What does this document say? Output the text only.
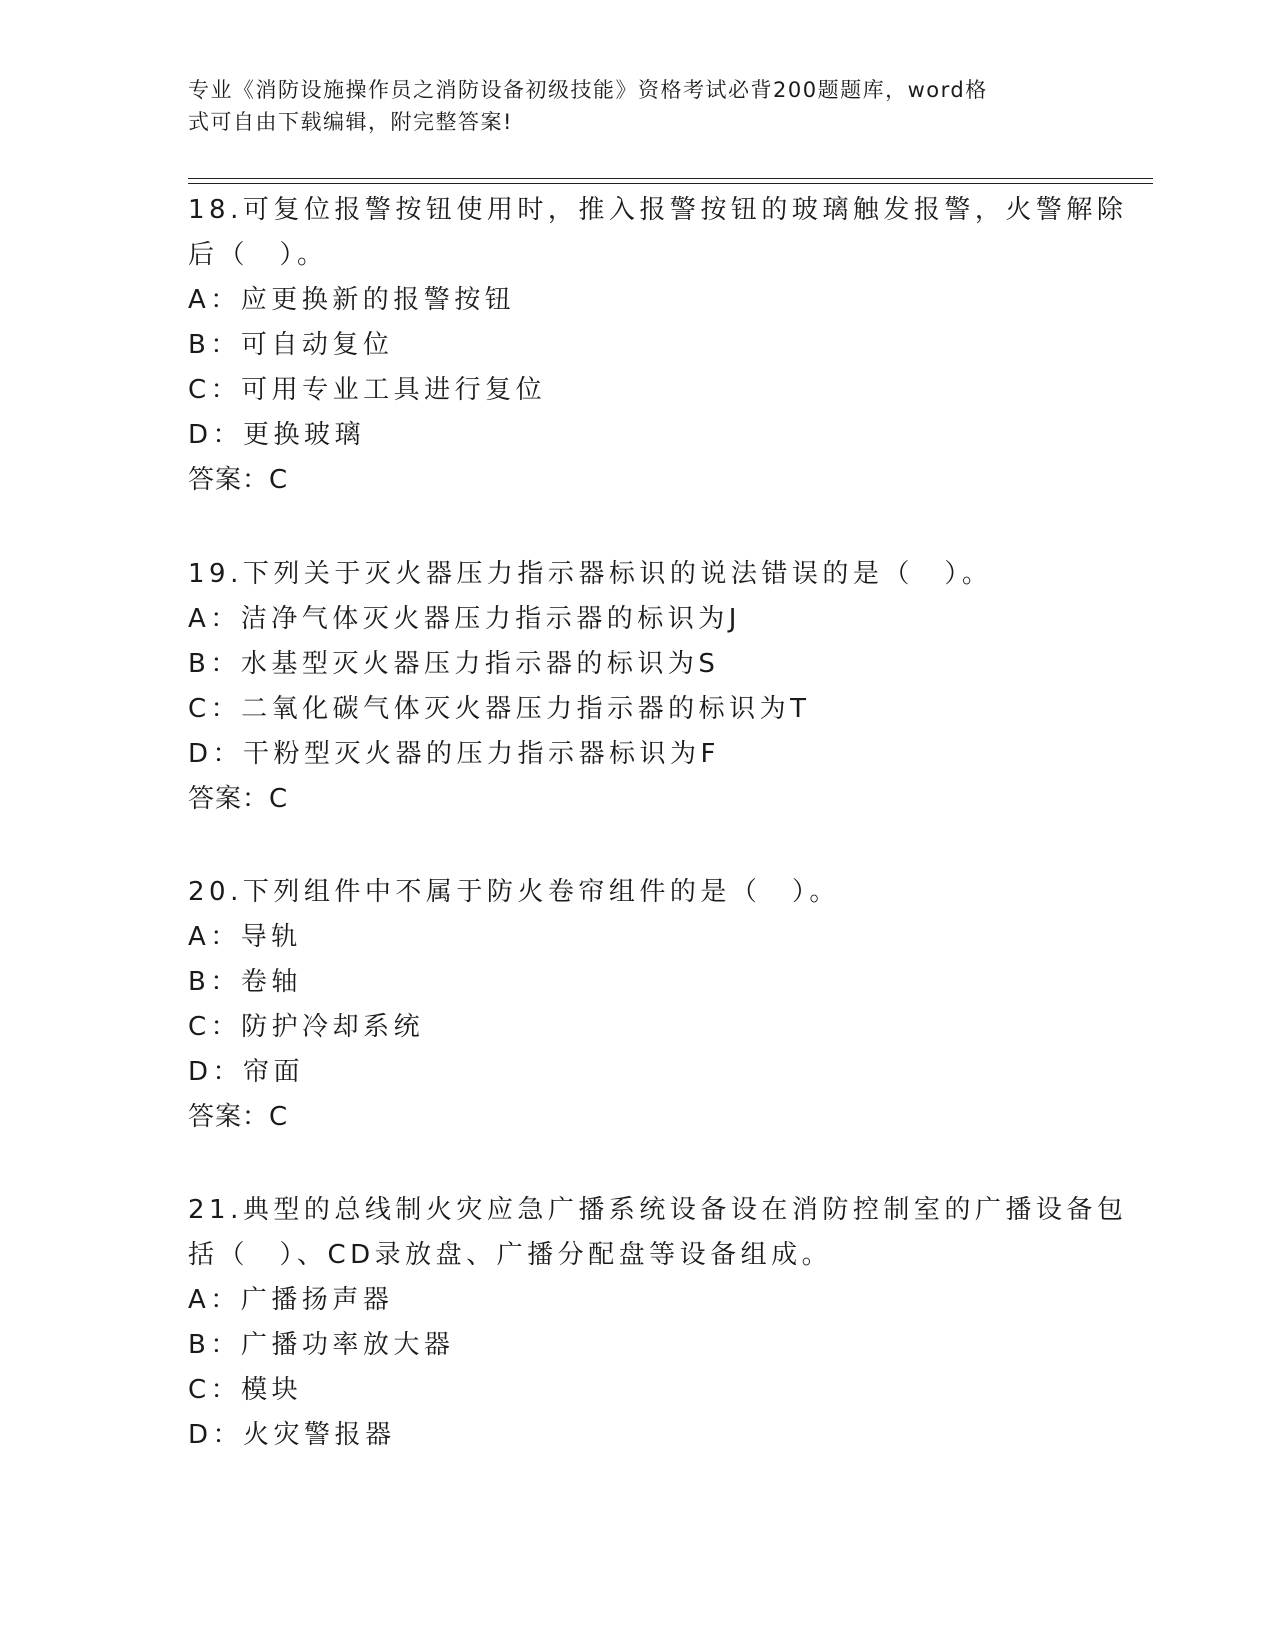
专业《消防设施操作员之消防设备初级技能》资格考试必背200题题库，word格
式可自由下载编辑，附完整答案!
18.可复位报警按钮使用时，推入报警按钮的玻璃触发报警，火警解除
后（　）。
A：应更换新的报警按钮
B：可自动复位
C：可用专业工具进行复位
D：更换玻璃
答案：C
19.下列关于灭火器压力指示器标识的说法错误的是（　）。
A：洁净气体灭火器压力指示器的标识为J
B：水基型灭火器压力指示器的标识为S
C：二氧化碳气体灭火器压力指示器的标识为T
D：干粉型灭火器的压力指示器标识为F
答案：C
20.下列组件中不属于防火卷帘组件的是（　）。
A：导轨
B：卷轴
C：防护冷却系统
D：帘面
答案：C
21.典型的总线制火灾应急广播系统设备设在消防控制室的广播设备包
括（　）、CD录放盘、广播分配盘等设备组成。
A：广播扬声器
B：广播功率放大器
C：模块
D：火灾警报器
